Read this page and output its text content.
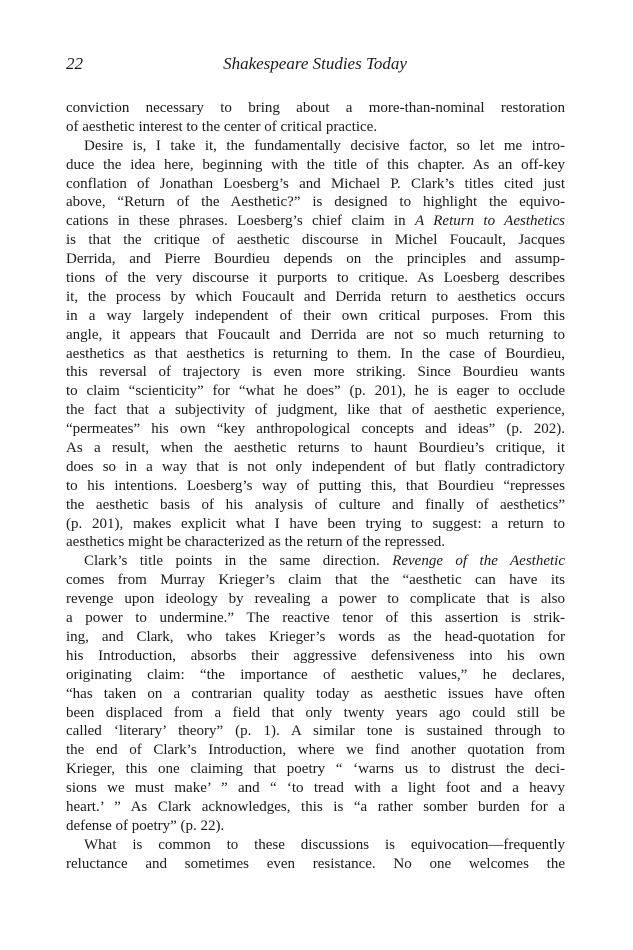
22	Shakespeare Studies Today
conviction necessary to bring about a more-than-nominal restoration
of aesthetic interest to the center of critical practice.
Desire is, I take it, the fundamentally decisive factor, so let me intro-
duce the idea here, beginning with the title of this chapter. As an off-key
conflation of Jonathan Loesberg’s and Michael P. Clark’s titles cited just
above, “Return of the Aesthetic?” is designed to highlight the equivo-
cations in these phrases. Loesberg’s chief claim in A Return to Aesthetics
is that the critique of aesthetic discourse in Michel Foucault, Jacques
Derrida, and Pierre Bourdieu depends on the principles and assump-
tions of the very discourse it purports to critique. As Loesberg describes
it, the process by which Foucault and Derrida return to aesthetics occurs
in a way largely independent of their own critical purposes. From this
angle, it appears that Foucault and Derrida are not so much returning to
aesthetics as that aesthetics is returning to them. In the case of Bourdieu,
this reversal of trajectory is even more striking. Since Bourdieu wants
to claim “scienticity” for “what he does” (p. 201), he is eager to occlude
the fact that a subjectivity of judgment, like that of aesthetic experience,
“permeates” his own “key anthropological concepts and ideas” (p. 202).
As a result, when the aesthetic returns to haunt Bourdieu’s critique, it
does so in a way that is not only independent of but flatly contradictory
to his intentions. Loesberg’s way of putting this, that Bourdieu “represses
the aesthetic basis of his analysis of culture and finally of aesthetics”
(p. 201), makes explicit what I have been trying to suggest: a return to
aesthetics might be characterized as the return of the repressed.
Clark’s title points in the same direction. Revenge of the Aesthetic
comes from Murray Krieger’s claim that the “aesthetic can have its
revenge upon ideology by revealing a power to complicate that is also
a power to undermine.” The reactive tenor of this assertion is strik-
ing, and Clark, who takes Krieger’s words as the head-quotation for
his Introduction, absorbs their aggressive defensiveness into his own
originating claim: “the importance of aesthetic values,” he declares,
“has taken on a contrarian quality today as aesthetic issues have often
been displaced from a field that only twenty years ago could still be
called ‘literary’ theory” (p. 1). A similar tone is sustained through to
the end of Clark’s Introduction, where we find another quotation from
Krieger, this one claiming that poetry “ ‘warns us to distrust the deci-
sions we must make’ ” and “ ‘to tread with a light foot and a heavy
heart.’ ” As Clark acknowledges, this is “a rather somber burden for a
defense of poetry” (p. 22).
What is common to these discussions is equivocation—frequently
reluctance and sometimes even resistance. No one welcomes the
